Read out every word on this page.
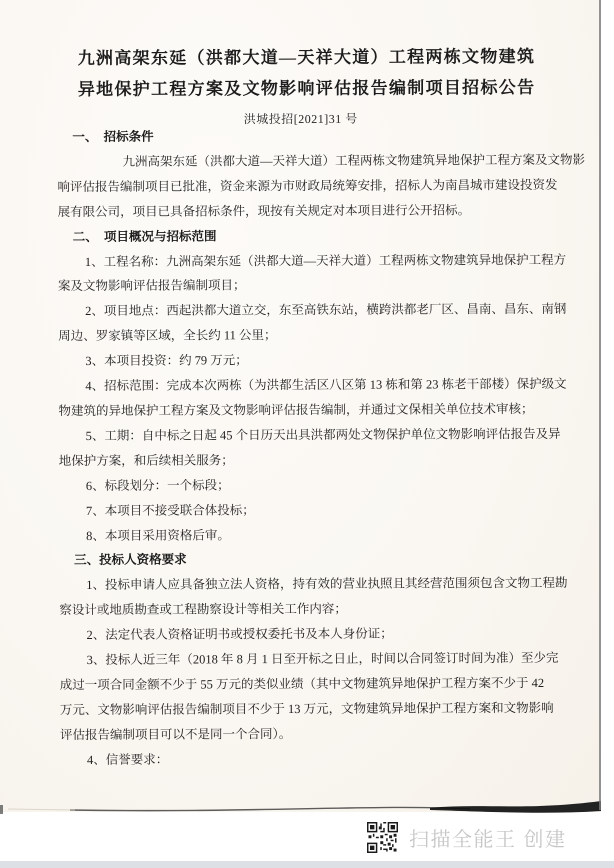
九洲高架东延（洪都大道—天祥大道）工程两栋文物建筑
异地保护工程方案及文物影响评估报告编制项目招标公告
洪城投招[2021]31 号
一、　招标条件
九洲高架东延（洪都大道—天祥大道）工程两栋文物建筑异地保护工程方案及文物影
响评估报告编制项目已批准，资金来源为市财政局统筹安排，招标人为南昌城市建设投资发
展有限公司，项目已具备招标条件，现按有关规定对本项目进行公开招标。
二、　项目概况与招标范围
1、工程名称：九洲高架东延（洪都大道—天祥大道）工程两栋文物建筑异地保护工程方
案及文物影响评估报告编制项目；
2、项目地点：西起洪都大道立交，东至高铁东站，横跨洪都老厂区、昌南、昌东、南钢
周边、罗家镇等区域，全长约 11 公里；
3、本项目投资：约 79 万元；
4、招标范围：完成本次两栋（为洪都生活区八区第 13 栋和第 23 栋老干部楼）保护级文
物建筑的异地保护工程方案及文物影响评估报告编制，并通过文保相关单位技术审核；
5、工期：自中标之日起 45 个日历天出具洪都两处文物保护单位文物影响评估报告及异
地保护方案，和后续相关服务；
6、标段划分：一个标段；
7、本项目不接受联合体投标；
8、本项目采用资格后审。
三、投标人资格要求
1、投标申请人应具备独立法人资格，持有效的营业执照且其经营范围须包含文物工程勘
察设计或地质勘查或工程勘察设计等相关工作内容；
2、法定代表人资格证明书或授权委托书及本人身份证；
3、投标人近三年（2018 年 8 月 1 日至开标之日止，时间以合同签订时间为准）至少完
成过一项合同金额不少于 55 万元的类似业绩（其中文物建筑异地保护工程方案不少于 42
万元、文物影响评估报告编制项目不少于 13 万元，文物建筑异地保护工程方案和文物影响
评估报告编制项目可以不是同一个合同）。
4、信誉要求：
扫描全能王 创建
